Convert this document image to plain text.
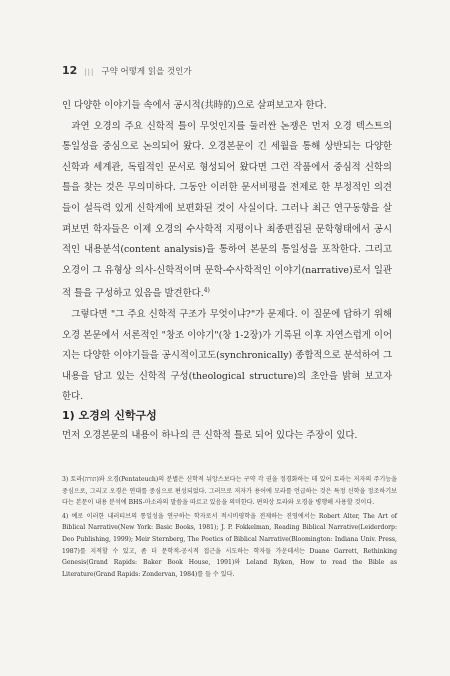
12 ||| 구약 어떻게 읽을 것인가

인 다양한 이야기들 속에서 공시적(共時的)으로 살펴보고자 한다.

과연 오경의 주요 신학적 틀이 무엇인지를 둘러싼 논쟁은 먼저 오경 텍스트의 통일성을 중심으로 논의되어 왔다. 오경본문이 긴 세월을 통해 상반되는 다양한 신학과 세계관, 독립적인 문서로 형성되어 왔다면 그런 작품에서 중심적 신학의 틀을 찾는 것은 무의미하다. 그동안 이러한 문서비평을 전제로 한 부정적인 의견들이 설득력 있게 신학계에 보편화된 것이 사실이다. 그러나 최근 연구동향을 살펴보면 학자들은 이제 오경의 수사학적 지평이나 최종편집된 문학형태에서 공시적인 내용분석(content analysis)을 통하여 본문의 통일성을 포착한다. 그리고 오경이 그 유형상 의사-신학적이며 문학-수사학적인 이야기(narrative)로서 일관적 틀을 구성하고 있음을 발견한다.$^{4)}$

그렇다면 "그 주요 신학적 구조가 무엇이냐?"가 문제다. 이 질문에 답하기 위해 오경 본문에서 서론적인 "창조 이야기"(창 1-2장)가 기록된 이후 자연스럽게 이어지는 다양한 이야기들을 공시적이고도(synchronically) 종합적으로 분석하여 그 내용을 담고 있는 신학적 구성(theological structure)의 초안을 밝혀 보고자 한다.

1) 오경의 신학구성

먼저 오경본문의 내용이 하나의 큰 신학적 틀로 되어 있다는 주장이 있다.

3) 토라(תורה)와 오경(Pentateuch)의 분별은 신학적 뉘앙스보다는 구약 각 권을 정경화하는 데 있어 토라는 저자의 주기능을 중심으로, 그리고 오경은 연대를 중심으로 편성되었다. 그러므로 저자가 용어에 모라를 언급하는 것은 특정 신학을 정조하기보다는 본문이 내용 분석에 BHS-마소라의 말씀을 따르고 있음을 의미한다. 편의상 토라와 오경을 병행해 사용할 것이다.

4) 예로 이러한 내러티브의 통일성을 연구하는 학자로서 적시비평학을 전제하는 진영에서는 Robert Alter, The Art of Biblical Narrative(New York: Basic Books, 1981); J. P. Fokkelman, Reading Biblical Narrative(Leiderdorp: Deo Publishing, 1999); Meir Sternberg, The Poetics of Biblical Narrative(Bloomington: Indiana Univ. Press, 1987)를 지적할 수 있고, 좀 더 문학적-공시적 접근을 시도하는 학자들 가운데서는 Duane Garrett, Rethinking Genesis(Grand Rapids: Baker Book House, 1991)와 Leland Ryken, How to read the Bible as Literature(Grand Rapids: Zondervan, 1984)를 들 수 있다.
